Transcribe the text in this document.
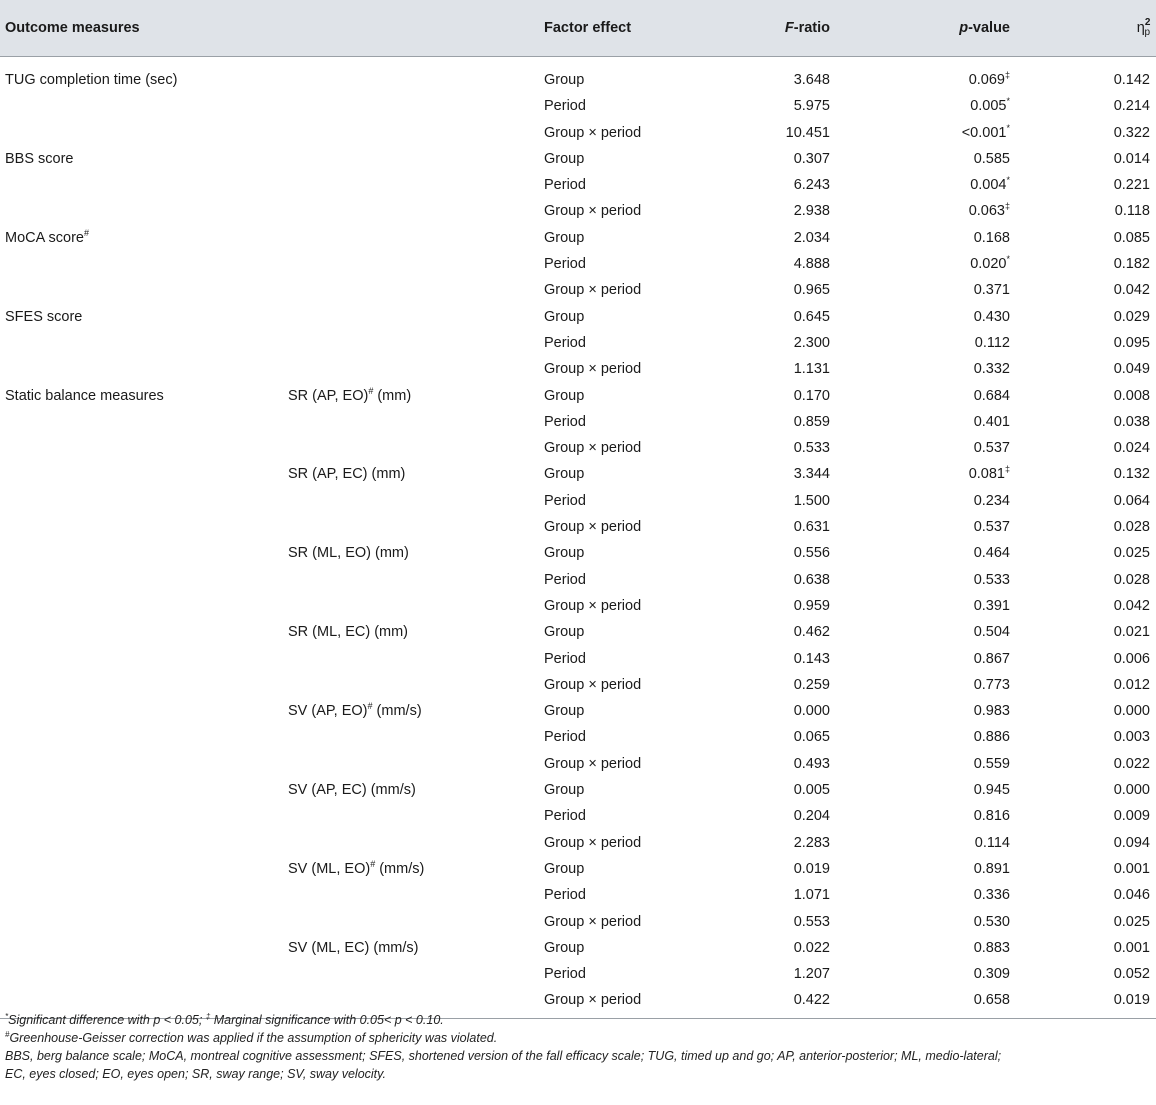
Outcome measures		Factor effect	F-ratio	p-value	$\eta^2_p$
TUG completion time (sec)		Group	3.648	0.069‡	0.142
		Period	5.975	0.005*	0.214
		Group × period	10.451	<0.001*	0.322
BBS score		Group	0.307	0.585	0.014
		Period	6.243	0.004*	0.221
		Group × period	2.938	0.063‡	0.118
MoCA score#		Group	2.034	0.168	0.085
		Period	4.888	0.020*	0.182
		Group × period	0.965	0.371	0.042
SFES score		Group	0.645	0.430	0.029
		Period	2.300	0.112	0.095
		Group × period	1.131	0.332	0.049
Static balance measures	SR (AP, EO)# (mm)	Group	0.170	0.684	0.008
		Period	0.859	0.401	0.038
		Group × period	0.533	0.537	0.024
	SR (AP, EC) (mm)	Group	3.344	0.081‡	0.132
		Period	1.500	0.234	0.064
		Group × period	0.631	0.537	0.028
	SR (ML, EO) (mm)	Group	0.556	0.464	0.025
		Period	0.638	0.533	0.028
		Group × period	0.959	0.391	0.042
	SR (ML, EC) (mm)	Group	0.462	0.504	0.021
		Period	0.143	0.867	0.006
		Group × period	0.259	0.773	0.012
	SV (AP, EO)# (mm/s)	Group	0.000	0.983	0.000
		Period	0.065	0.886	0.003
		Group × period	0.493	0.559	0.022
	SV (AP, EC) (mm/s)	Group	0.005	0.945	0.000
		Period	0.204	0.816	0.009
		Group × period	2.283	0.114	0.094
	SV (ML, EO)# (mm/s)	Group	0.019	0.891	0.001
		Period	1.071	0.336	0.046
		Group × period	0.553	0.530	0.025
	SV (ML, EC) (mm/s)	Group	0.022	0.883	0.001
		Period	1.207	0.309	0.052
		Group × period	0.422	0.658	0.019
*Significant difference with p < 0.05; ‡ Marginal significance with 0.05< p < 0.10.
#Greenhouse-Geisser correction was applied if the assumption of sphericity was violated.
BBS, berg balance scale; MoCA, montreal cognitive assessment; SFES, shortened version of the fall efficacy scale; TUG, timed up and go; AP, anterior-posterior; ML, medio-lateral;
EC, eyes closed; EO, eyes open; SR, sway range; SV, sway velocity.
